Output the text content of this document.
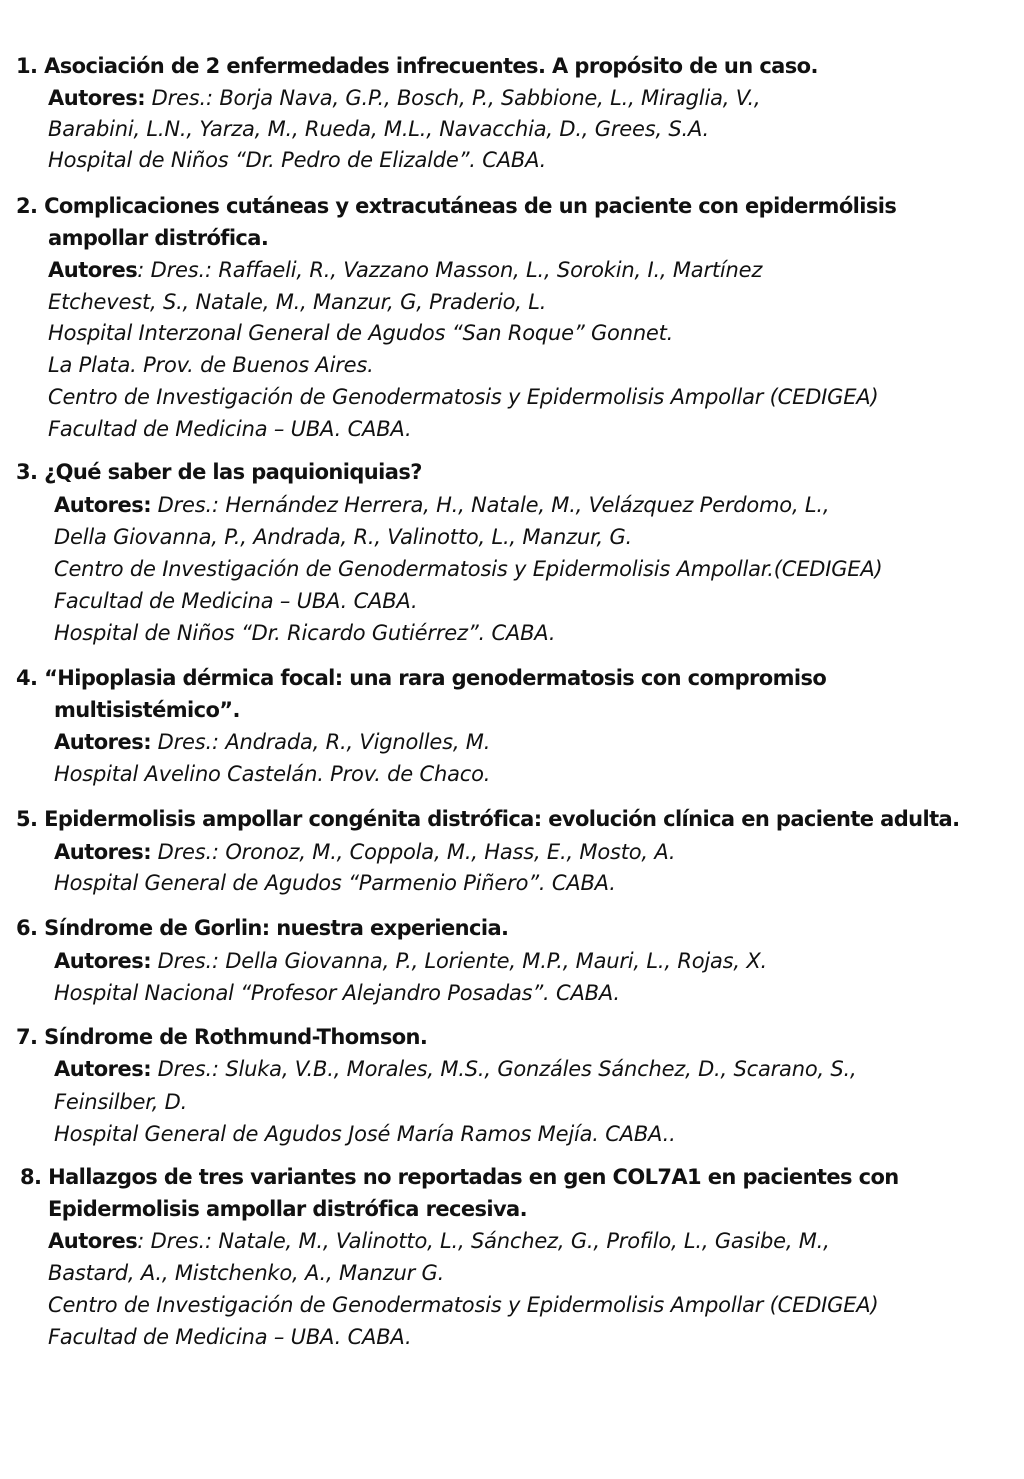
1. Asociación de 2 enfermedades infrecuentes. A propósito de un caso.
Autores: Dres.: Borja Nava, G.P., Bosch, P., Sabbione, L., Miraglia, V.,
Barabini, L.N., Yarza, M., Rueda, M.L., Navacchia, D., Grees, S.A.
Hospital de Niños “Dr. Pedro de Elizalde”. CABA.
2. Complicaciones cutáneas y extracutáneas de un paciente con epidermólisis
ampollar distrófica.
Autores: Dres.: Raffaeli, R., Vazzano Masson, L., Sorokin, I., Martínez
Etchevest, S., Natale, M., Manzur, G, Praderio, L.
Hospital Interzonal General de Agudos “San Roque” Gonnet.
La Plata. Prov. de Buenos Aires.
Centro de Investigación de Genodermatosis y Epidermolisis Ampollar (CEDIGEA)
Facultad de Medicina – UBA. CABA.
3. ¿Qué saber de las paquioniquias?
Autores: Dres.: Hernández Herrera, H., Natale, M., Velázquez Perdomo, L.,
Della Giovanna, P., Andrada, R., Valinotto, L., Manzur, G.
Centro de Investigación de Genodermatosis y Epidermolisis Ampollar.(CEDIGEA)
Facultad de Medicina – UBA. CABA.
Hospital de Niños “Dr. Ricardo Gutiérrez”. CABA.
4. “Hipoplasia dérmica focal: una rara genodermatosis con compromiso
multisistémico”.
Autores: Dres.: Andrada, R., Vignolles, M.
Hospital Avelino Castelán. Prov. de Chaco.
5. Epidermolisis ampollar congénita distrófica: evolución clínica en paciente adulta.
Autores: Dres.: Oronoz, M., Coppola, M., Hass, E., Mosto, A.
Hospital General de Agudos “Parmenio Piñero”. CABA.
6. Síndrome de Gorlin: nuestra experiencia.
Autores: Dres.: Della Giovanna, P., Loriente, M.P., Mauri, L., Rojas, X.
Hospital Nacional “Profesor Alejandro Posadas”. CABA.
7. Síndrome de Rothmund-Thomson.
Autores: Dres.: Sluka, V.B., Morales, M.S., Gonzáles Sánchez, D., Scarano, S.,
Feinsilber, D.
Hospital General de Agudos José María Ramos Mejía. CABA..
8. Hallazgos de tres variantes no reportadas en gen COL7A1 en pacientes con
Epidermolisis ampollar distrófica recesiva.
Autores: Dres.: Natale, M., Valinotto, L., Sánchez, G., Profilo, L., Gasibe, M.,
Bastard, A., Mistchenko, A., Manzur G.
Centro de Investigación de Genodermatosis y Epidermolisis Ampollar (CEDIGEA)
Facultad de Medicina – UBA. CABA.
